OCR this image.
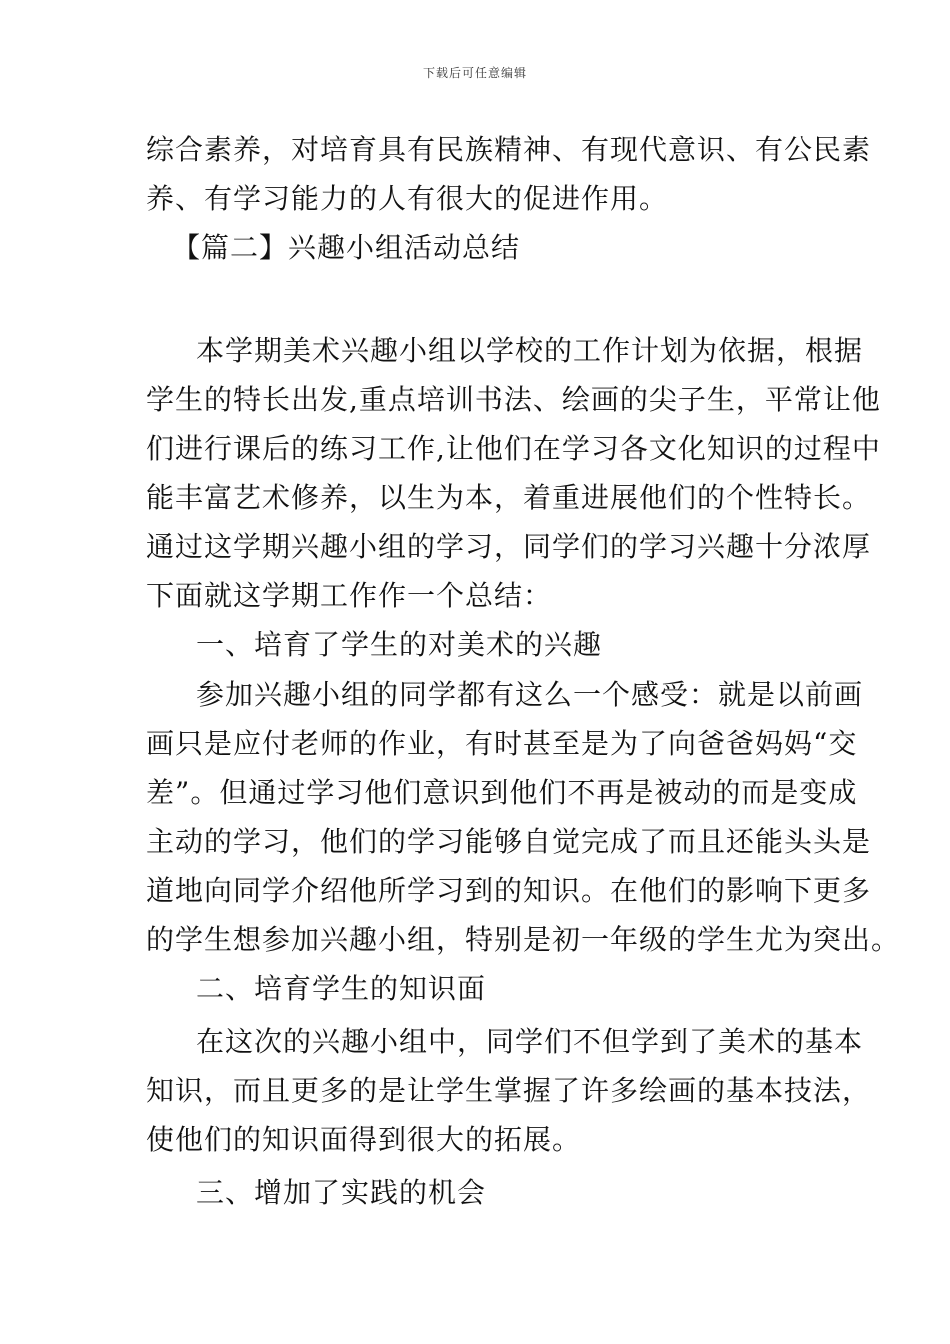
下载后可任意编辑
综合素养，对培育具有民族精神、有现代意识、有公民素
养、有学习能力的人有很大的促进作用。
【篇二】兴趣小组活动总结
本学期美术兴趣小组以学校的工作计划为依据，根据
学生的特长出发,重点培训书法、绘画的尖子生，平常让他
们进行课后的练习工作,让他们在学习各文化知识的过程中
能丰富艺术修养，以生为本，着重进展他们的个性特长。
通过这学期兴趣小组的学习，同学们的学习兴趣十分浓厚
下面就这学期工作作一个总结：
一、培育了学生的对美术的兴趣
参加兴趣小组的同学都有这么一个感受：就是以前画
画只是应付老师的作业，有时甚至是为了向爸爸妈妈“交
差”。但通过学习他们意识到他们不再是被动的而是变成
主动的学习，他们的学习能够自觉完成了而且还能头头是
道地向同学介绍他所学习到的知识。在他们的影响下更多
的学生想参加兴趣小组，特别是初一年级的学生尤为突出。
二、培育学生的知识面
在这次的兴趣小组中，同学们不但学到了美术的基本
知识，而且更多的是让学生掌握了许多绘画的基本技法，
使他们的知识面得到很大的拓展。
三、增加了实践的机会
